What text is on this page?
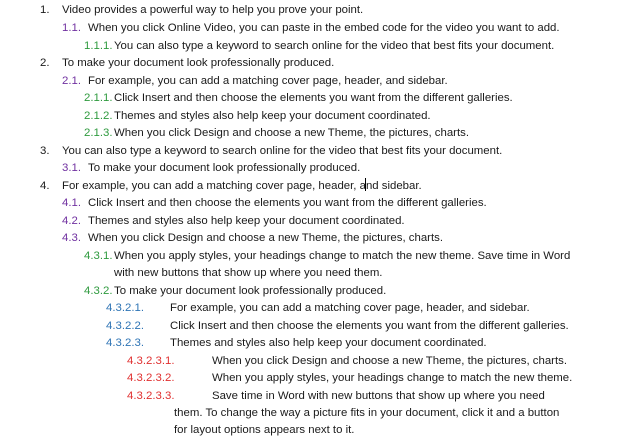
1. Video provides a powerful way to help you prove your point.
1.1. When you click Online Video, you can paste in the embed code for the video you want to add.
1.1.1. You can also type a keyword to search online for the video that best fits your document.
2. To make your document look professionally produced.
2.1. For example, you can add a matching cover page, header, and sidebar.
2.1.1. Click Insert and then choose the elements you want from the different galleries.
2.1.2. Themes and styles also help keep your document coordinated.
2.1.3. When you click Design and choose a new Theme, the pictures, charts.
3. You can also type a keyword to search online for the video that best fits your document.
3.1. To make your document look professionally produced.
4. For example, you can add a matching cover page, header, and sidebar.
4.1. Click Insert and then choose the elements you want from the different galleries.
4.2. Themes and styles also help keep your document coordinated.
4.3. When you click Design and choose a new Theme, the pictures, charts.
4.3.1. When you apply styles, your headings change to match the new theme. Save time in Word
with new buttons that show up where you need them.
4.3.2. To make your document look professionally produced.
4.3.2.1. For example, you can add a matching cover page, header, and sidebar.
4.3.2.2. Click Insert and then choose the elements you want from the different galleries.
4.3.2.3. Themes and styles also help keep your document coordinated.
4.3.2.3.1.	When you click Design and choose a new Theme, the pictures, charts.
4.3.2.3.2.	When you apply styles, your headings change to match the new theme.
4.3.2.3.3.	Save time in Word with new buttons that show up where you need
them. To change the way a picture fits in your document, click it and a button
for layout options appears next to it.
